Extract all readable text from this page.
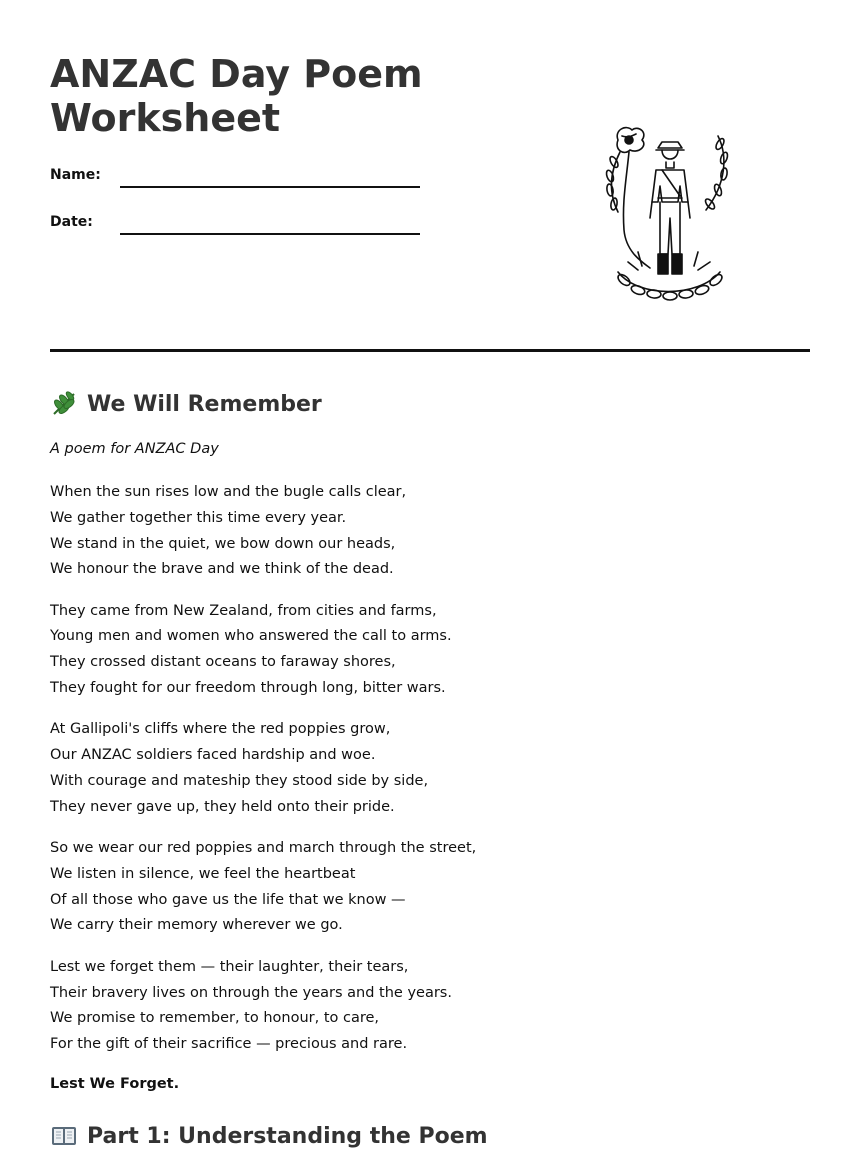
ANZAC Day Poem Worksheet
Name:
Date:
We Will Remember
A poem for ANZAC Day

When the sun rises low and the bugle calls clear,
We gather together this time every year.
We stand in the quiet, we bow down our heads,
We honour the brave and we think of the dead.

They came from New Zealand, from cities and farms,
Young men and women who answered the call to arms.
They crossed distant oceans to faraway shores,
They fought for our freedom through long, bitter wars.

At Gallipoli's cliffs where the red poppies grow,
Our ANZAC soldiers faced hardship and woe.
With courage and mateship they stood side by side,
They never gave up, they held onto their pride.

So we wear our red poppies and march through the street,
We listen in silence, we feel the heartbeat
Of all those who gave us the life that we know —
We carry their memory wherever we go.

Lest we forget them — their laughter, their tears,
Their bravery lives on through the years and the years.
We promise to remember, to honour, to care,
For the gift of their sacrifice — precious and rare.

Lest We Forget.
Part 1: Understanding the Poem
